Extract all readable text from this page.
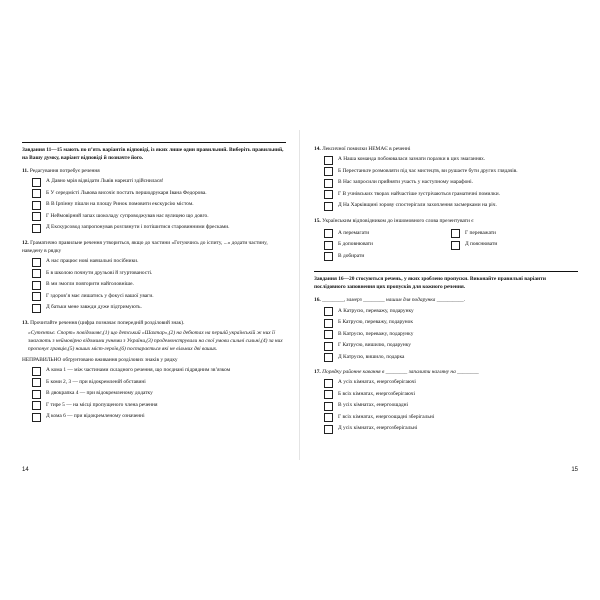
Завдання 11—15 мають по п’ять варіантів відповіді, із яких лише один правильний. Виберіть правильний, на Вашу думку, варіант відповіді й позначте його.
11. Редагування потребує речення
А Давно мрія відвідати Львів нарешті здійснилася!
Б У середмісті Львова височіє постать першодрукаря Івана Федорова.
В В Ірпінну пішли на площу Ринок помовити екскурсію містом.
Г Неймовірний запах шоколаду супроводжував нас вулицею що довго.
Д Екскурсовод запропонував розглянути і потішитися старовинними фресками.
12. Граматично правильне речення утвориться, якщо до частини «Готуючись до іспиту, ...» додати частину, наведену в рядку
А нас працює нові навчальні посібники.
Б в школою почнути друзьові й згуртованості.
В ми змогли повторити найголовніше.
Г здоров’я має лишатись у фокусі вашої уваги.
Д батьки мене завжди дуже підтримують.
13. Прочитайте речення (цифра позначає попередній розділовий знак).
«Сутєнтьє. Спорт» повідомляє,(1) що детський «Шахтар»,(2) на дебютах на першій українській ж них її змагають з неймовірно відомими учнями з України,(3) продемонстрували на свої умови сильні сильні,(4) за них пропонує гравців,(5) наших міст-героїв,(6) постарається які не вільних дві ваших.
НЕПРАВИЛЬНО обґрунтовано вживання розділових знаків у рядку
А кома 1 — між частинами складного речення, що поєднані підрядним зв’язком
Б коми 2, 3 — при відокремленій обставині
В двокрапка 4 — при відокремленому додатку
Г тире 5 — на місці пропущеного члена речення
Д кома 6 — при відокремленому означенні
14
14. Лексичної помилки НЕМАЄ в реченні
А Наша команда побоювалася зазнати поразки в цих змаганнях.
Б Перестаньте розмовляти під час мистецтв, ви рушаєте бути других глядачів.
В Нас запросили прийняти участь у наступному марафоні.
Г В учнівських творах найчастіше зустрічаються граматичні помилки.
Д На Харківщині зорову спостерігали захоплення засмерками на річ.
15. Українським відповідником до іншомовного слова презентувати є
А перемагати	Г переважати
Б доповнювати	Д пояснювати
В добирати
Завдання 16—20 стосуються речень, у яких зроблено пропуски. Виконайте правильні варіанти послідовного заповнення цих пропусків для кожного речення.
16. ________, замерз ________ нашим для подарунка __________.
А Катрусю, переважу, подарунку
Б Катрусю, переважу, подарунок
В Катрусю, переважу, подарунку
Г Катрусю, вишилю, подарунку
Д Катрусю, вишило, подарка
17. Порядку районне кавання в ________ запалити нагляну на ________
А усіх кімнатах, енергозберігаючі
Б всіх кімнатах, енергозберігаючі
В усіх кімнатах, енергоощадні
Г всіх кімнатах, енергоощадні зберігальні
Д усіх кімнатах, енергозберігальні
15
